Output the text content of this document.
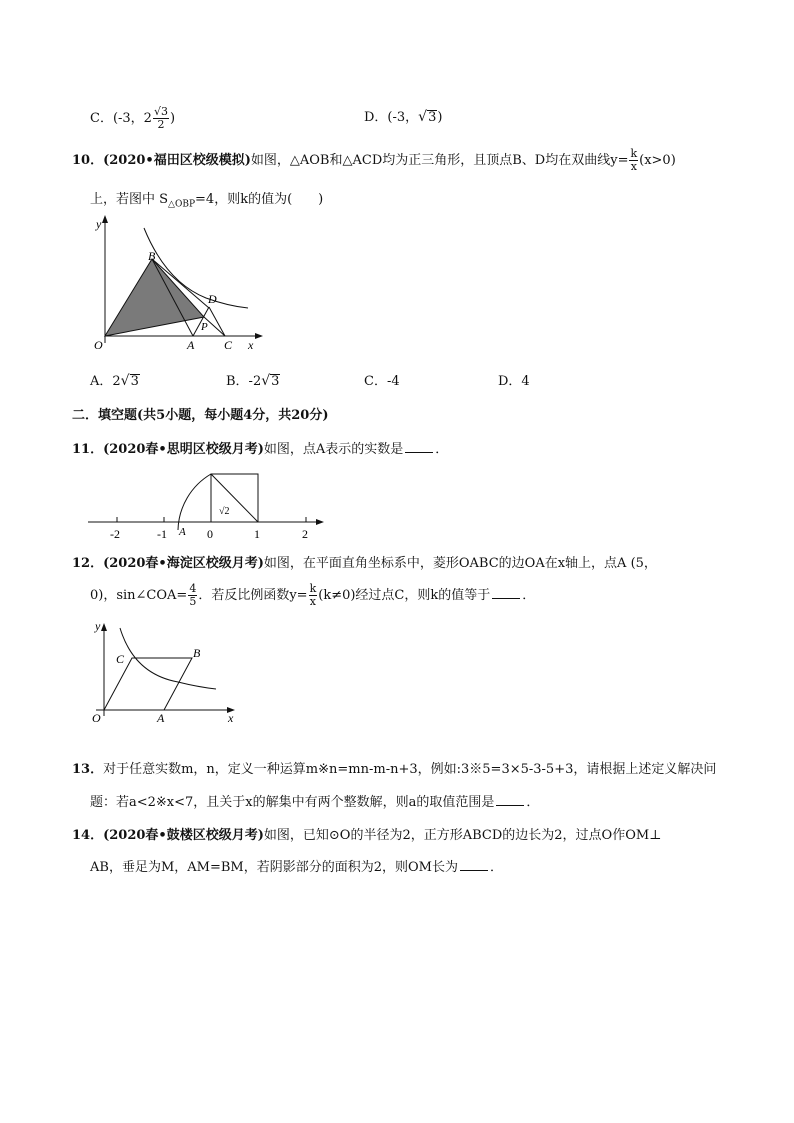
C．(-3，$2 \frac{√3}{2}$ )	D．(-3，√3)
10．(2020•福田区校级模拟)如图，△AOB和△ACD均为正三角形，且顶点B、D均在双曲线$y= \frac{k}{x} (x>0)$
上，若图中 $S_{\triangle OBP}=4$，则k的值为(　　)
y
B
D
P
O	A C x
A．2√3	B．-2√3	C．-4	D．4
二．填空题(共5小题，每小题4分，共20分)
11．(2020春•思明区校级月考)如图，点A表示的实数是 ．
√2
-2	-1 A 0	1	2
12．(2020春•海淀区校级月考)如图，在平面直角坐标系中，菱形OABC的边OA在x轴上，点A (5，
0)，sin∠COA= $\frac{4}{5}$ ．若反比例函数$y= \frac{k}{x} (k\ne 0)$经过点C，则k的值等于 ．
y
C	B
O	A	x
13．对于任意实数m，n，定义一种运算m※n=mn-m-n+3，例如:3※5=3×5-3-5+3，请根据上述定义解决问
题：若a<2※x<7，且关于x的解集中有两个整数解，则a的取值范围是 ．
14．(2020春•鼓楼区校级月考)如图，已知⊙O的半径为2，正方形ABCD的边长为2，过点O作OM⊥
AB，垂足为M，AM=BM，若阴影部分的面积为2，则OM长为 ．
